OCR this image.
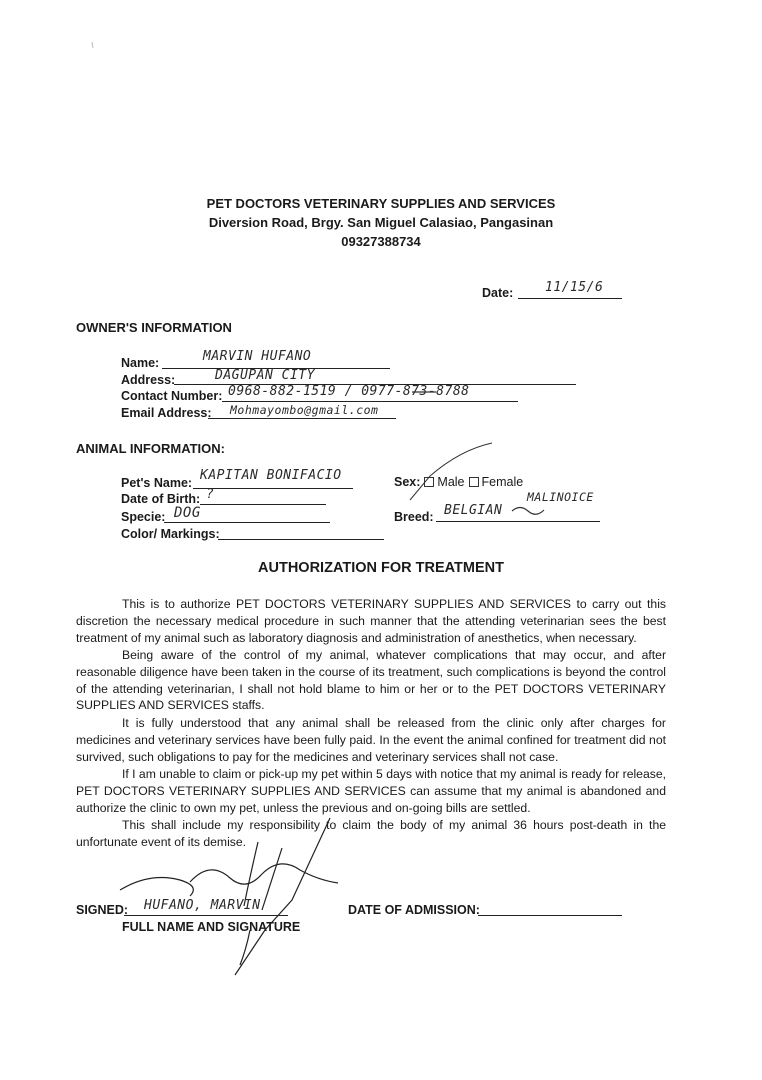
PET DOCTORS VETERINARY SUPPLIES AND SERVICES
Diversion Road, Brgy. San Miguel Calasiao, Pangasinan
09327388734
Date: 11/15/6
OWNER'S INFORMATION
Name:	MARVIN HUFANO
Address:	DAGUPAN CITY
Contact Number: 0968-882-1519 / 0977-873-8788
Email Address: Mohmayombo@gmail.com
ANIMAL INFORMATION:
Pet's Name: KAPITAN BONIFACIO	Sex: Male Female
Date of Birth: ?
Specie: DOG	Breed: BELGIAN
MALINOICE
Color/ Markings:
AUTHORIZATION FOR TREATMENT
This is to authorize PET DOCTORS VETERINARY SUPPLIES AND SERVICES to carry out this discretion the necessary medical procedure in such manner that the attending veterinarian sees the best treatment of my animal such as laboratory diagnosis and administration of anesthetics, when necessary.
Being aware of the control of my animal, whatever complications that may occur, and after reasonable diligence have been taken in the course of its treatment, such complications is beyond the control of the attending veterinarian, I shall not hold blame to him or her or to the PET DOCTORS VETERINARY SUPPLIES AND SERVICES staffs.
It is fully understood that any animal shall be released from the clinic only after charges for medicines and veterinary services have been fully paid. In the event the animal confined for treatment did not survived, such obligations to pay for the medicines and veterinary services shall not case.
If I am unable to claim or pick-up my pet within 5 days with notice that my animal is ready for release, PET DOCTORS VETERINARY SUPPLIES AND SERVICES can assume that my animal is abandoned and authorize the clinic to own my pet, unless the previous and on-going bills are settled.
This shall include my responsibility to claim the body of my animal 36 hours post-death in the unfortunate event of its demise.
SIGNED: HUFANO, MARVIN
FULL NAME AND SIGNATURE
DATE OF ADMISSION:
